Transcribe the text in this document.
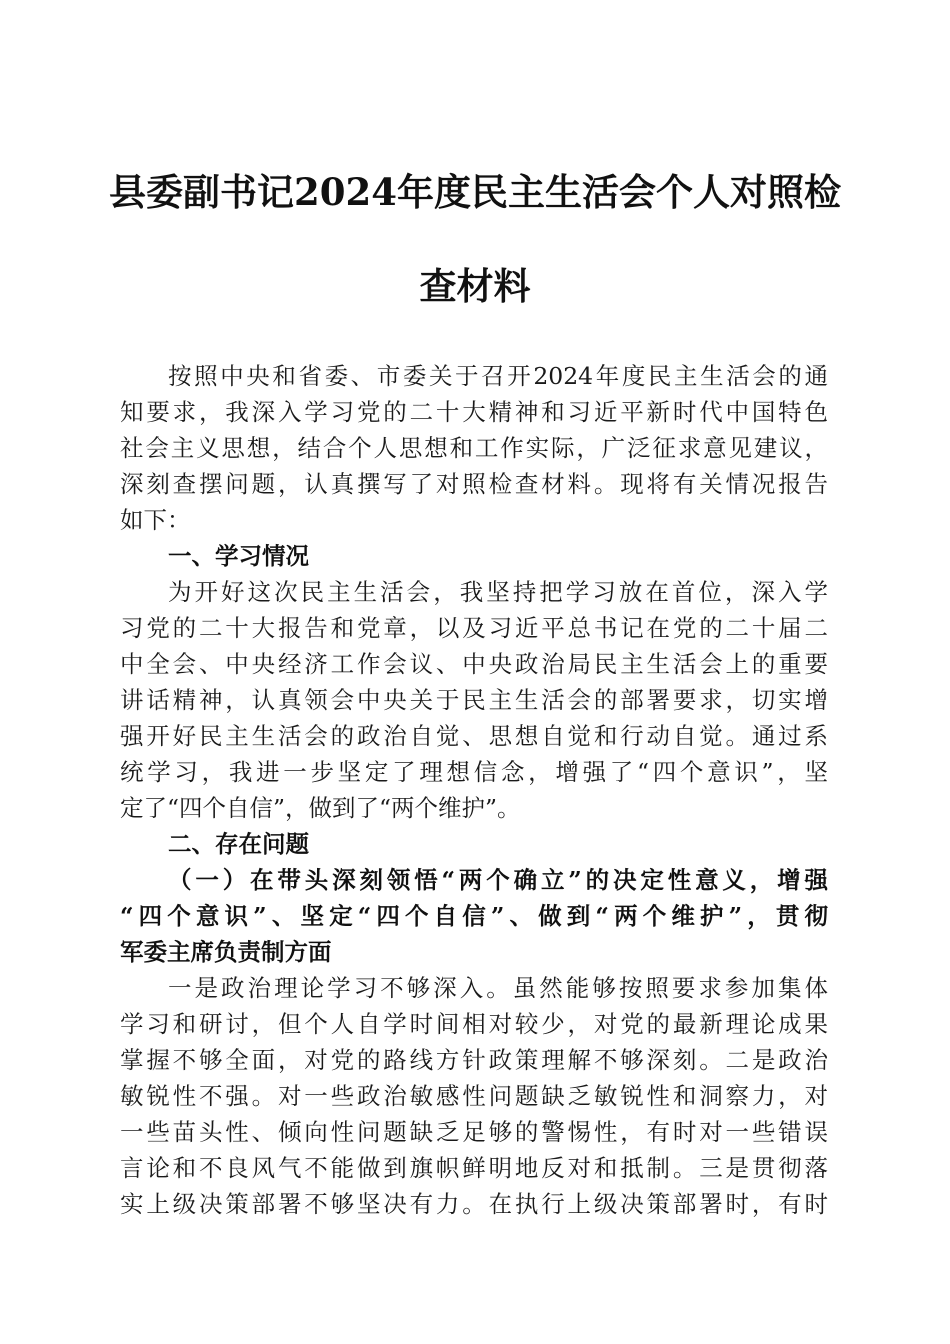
县委副书记2024年度民主生活会个人对照检
查材料
按照中央和省委、市委关于召开2024年度民主生活会的通
知要求，我深入学习党的二十大精神和习近平新时代中国特色
社会主义思想，结合个人思想和工作实际，广泛征求意见建议，
深刻查摆问题，认真撰写了对照检查材料。现将有关情况报告
如下：
一、学习情况
为开好这次民主生活会，我坚持把学习放在首位，深入学
习党的二十大报告和党章，以及习近平总书记在党的二十届二
中全会、中央经济工作会议、中央政治局民主生活会上的重要
讲话精神，认真领会中央关于民主生活会的部署要求，切实增
强开好民主生活会的政治自觉、思想自觉和行动自觉。通过系
统学习，我进一步坚定了理想信念，增强了“四个意识”，坚
定了“四个自信”，做到了“两个维护”。
二、存在问题
（一）在带头深刻领悟“两个确立”的决定性意义，增强
“四个意识”、坚定“四个自信”、做到“两个维护”，贯彻
军委主席负责制方面
一是政治理论学习不够深入。虽然能够按照要求参加集体
学习和研讨，但个人自学时间相对较少，对党的最新理论成果
掌握不够全面，对党的路线方针政策理解不够深刻。二是政治
敏锐性不强。对一些政治敏感性问题缺乏敏锐性和洞察力，对
一些苗头性、倾向性问题缺乏足够的警惕性，有时对一些错误
言论和不良风气不能做到旗帜鲜明地反对和抵制。三是贯彻落
实上级决策部署不够坚决有力。在执行上级决策部署时，有时
